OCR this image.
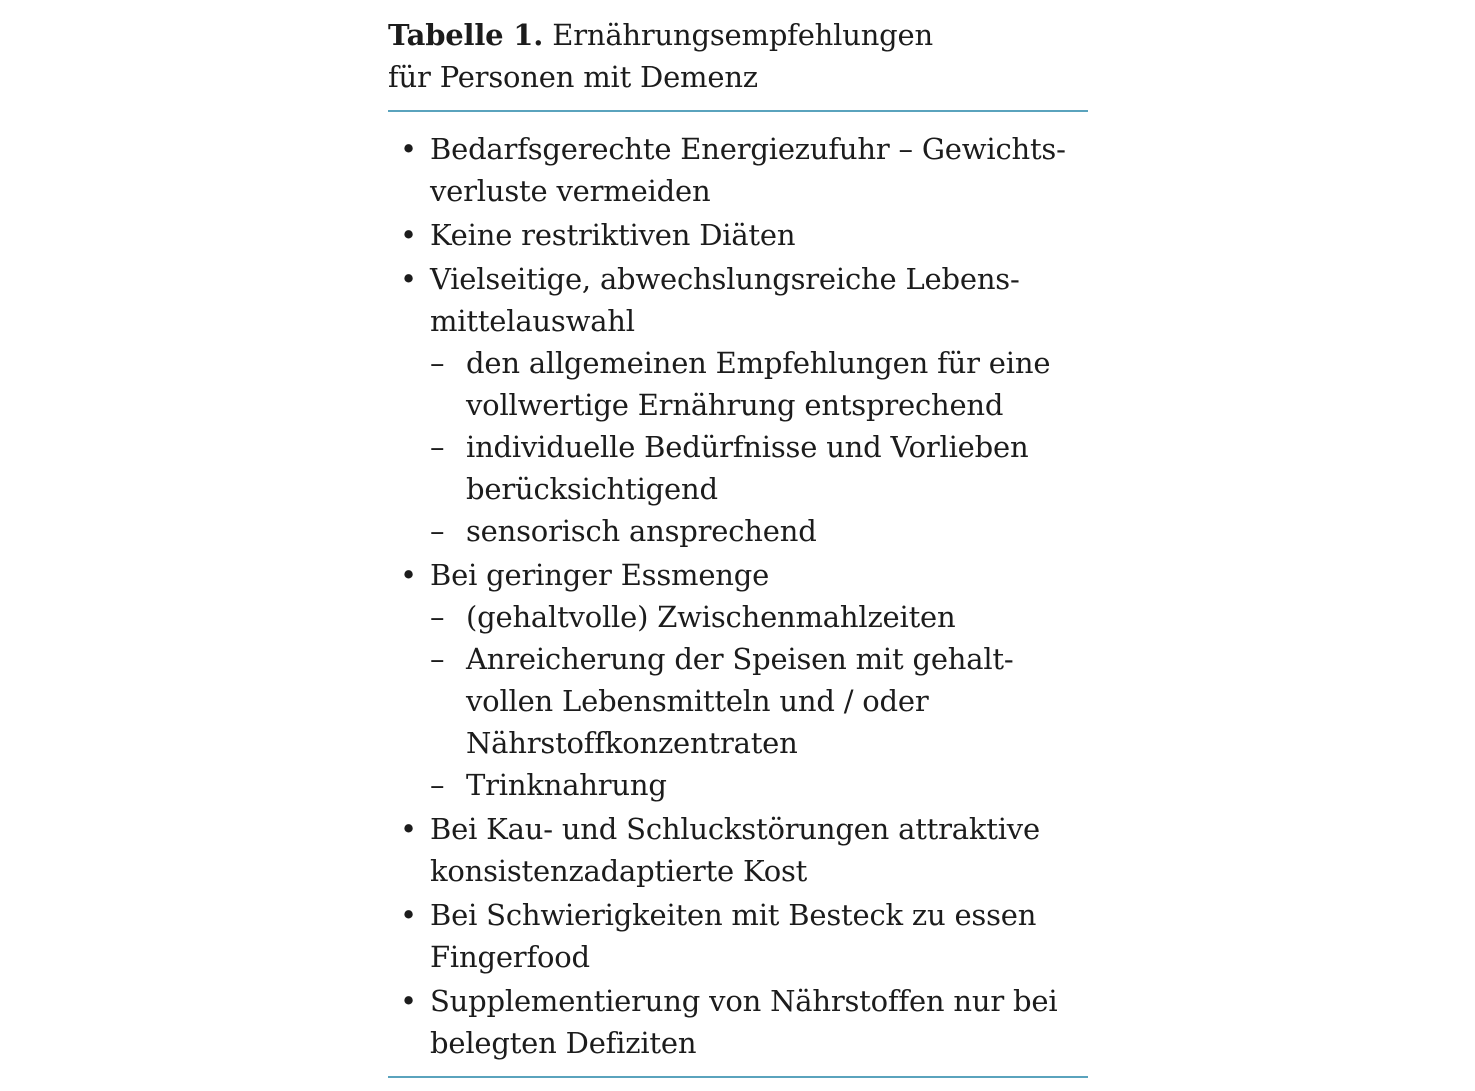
Tabelle 1. Ernährungsempfehlungen
für Personen mit Demenz
• Bedarfsgerechte Energiezufuhr – Gewichts- verluste vermeiden
• Keine restriktiven Diäten
• Vielseitige, abwechslungsreiche Lebens- mittelauswahl
– den allgemeinen Empfehlungen für eine vollwertige Ernährung entsprechend
– individuelle Bedürfnisse und Vorlieben berücksichtigend
– sensorisch ansprechend
• Bei geringer Essmenge
– (gehaltvolle) Zwischenmahlzeiten
– Anreicherung der Speisen mit gehalt- vollen Lebensmitteln und / oder Nährstoffkonzentraten
– Trinknahrung
• Bei Kau- und Schluckstörungen attraktive konsistenzadaptierte Kost
• Bei Schwierigkeiten mit Besteck zu essen Fingerfood
• Supplementierung von Nährstoffen nur bei belegten Defiziten
